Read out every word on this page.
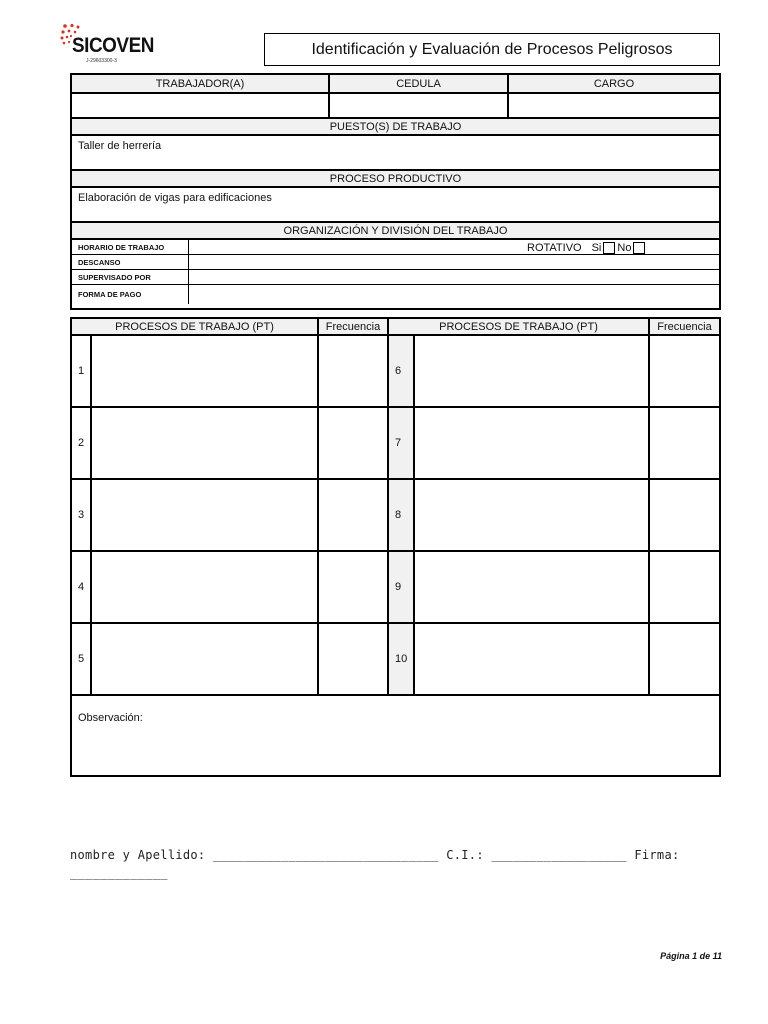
SICOVEN
J-29603300-3
Identificación y Evaluación de Procesos Peligrosos
TRABAJADOR(A)	CEDULA	CARGO
PUESTO(S) DE TRABAJO
Taller de herrería
PROCESO PRODUCTIVO
Elaboración de vigas para edificaciones
ORGANIZACIÓN Y DIVISIÓN DEL TRABAJO
HORARIO DE TRABAJO	ROTATIVO Si No
DESCANSO
SUPERVISADO POR
FORMA DE PAGO
PROCESOS DE TRABAJO (PT)	Frecuencia	PROCESOS DE TRABAJO (PT)	Frecuencia
1	6
2	7
3	8
4	9
5	10
Observación:
nombre y Apellido: ______________________________ C.I.: __________________ Firma: _____________
Página 1 de 11
